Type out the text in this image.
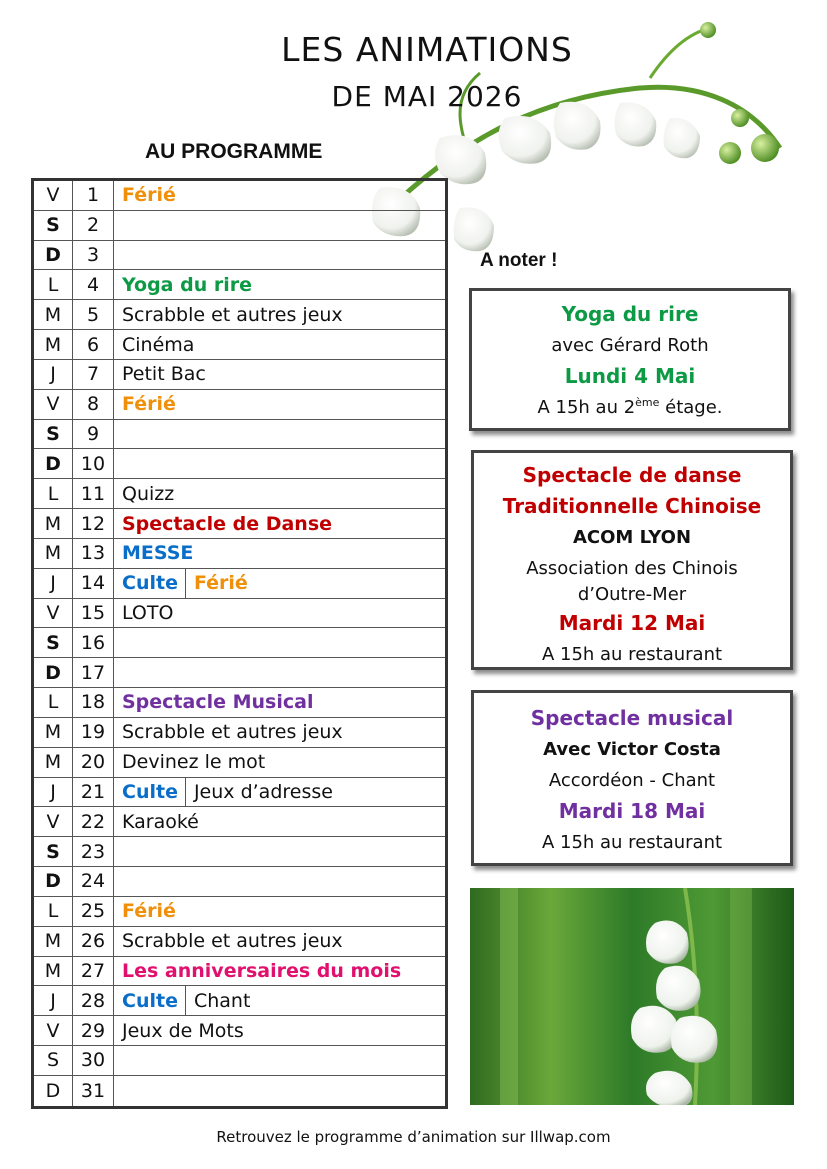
LES ANIMATIONS
DE MAI 2026
AU PROGRAMME
V	1	Férié
S	2
D	3
L	4	Yoga du rire
M	5	Scrabble et autres jeux
M	6	Cinéma
J	7	Petit Bac
V	8	Férié
S	9
D	10
L	11 Quizz
M	12 Spectacle de Danse
M	13 MESSE
J	14 Culte Férié
V	15 LOTO
S	16
D	17
L	18 Spectacle Musical
M	19 Scrabble et autres jeux
M	20 Devinez le mot
J	21 Culte Jeux d’adresse
V	22 Karaoké
S	23
D	24
L	25 Férié
M	26 Scrabble et autres jeux
M	27 Les anniversaires du mois
J	28 Culte Chant
V	29 Jeux de Mots
S	30
D	31
A noter !
Yoga du rire
avec Gérard Roth
Lundi 4 Mai
A 15h au 2ème étage.
Spectacle de danse
Traditionnelle Chinoise
ACOM LYON
Association des Chinois
d’Outre-Mer
Mardi 12 Mai
A 15h au restaurant
Spectacle musical
Avec Victor Costa
Accordéon - Chant
Mardi 18 Mai
A 15h au restaurant
Retrouvez le programme d’animation sur Illwap.com
